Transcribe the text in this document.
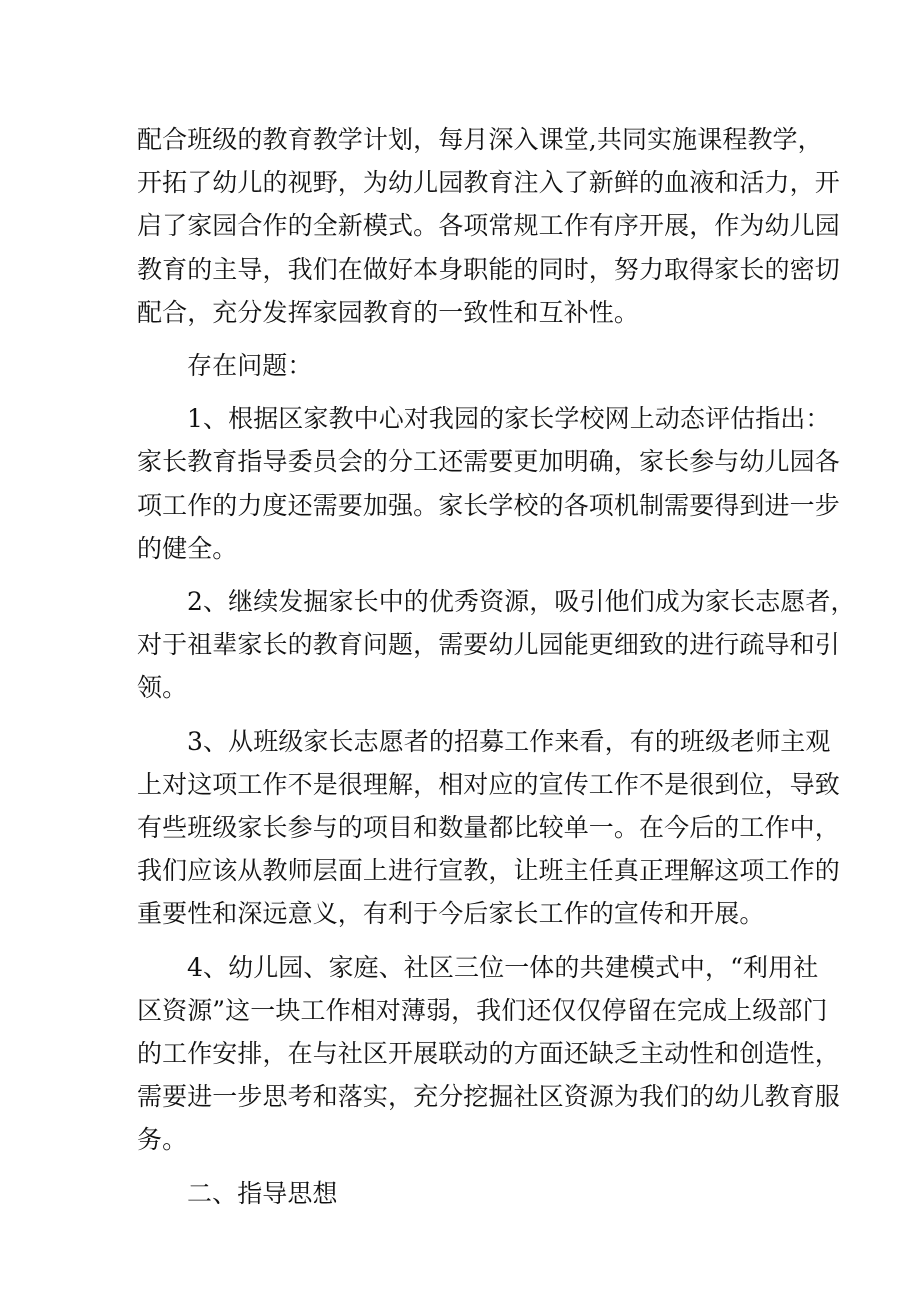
配合班级的教育教学计划，每月深入课堂,共同实施课程教学，
开拓了幼儿的视野，为幼儿园教育注入了新鲜的血液和活力，开
启了家园合作的全新模式。各项常规工作有序开展，作为幼儿园
教育的主导，我们在做好本身职能的同时，努力取得家长的密切
配合，充分发挥家园教育的一致性和互补性。

存在问题：

1、根据区家教中心对我园的家长学校网上动态评估指出：
家长教育指导委员会的分工还需要更加明确，家长参与幼儿园各
项工作的力度还需要加强。家长学校的各项机制需要得到进一步
的健全。

2、继续发掘家长中的优秀资源，吸引他们成为家长志愿者，
对于祖辈家长的教育问题，需要幼儿园能更细致的进行疏导和引
领。

3、从班级家长志愿者的招募工作来看，有的班级老师主观
上对这项工作不是很理解，相对应的宣传工作不是很到位，导致
有些班级家长参与的项目和数量都比较单一。在今后的工作中，
我们应该从教师层面上进行宣教，让班主任真正理解这项工作的
重要性和深远意义，有利于今后家长工作的宣传和开展。

4、幼儿园、家庭、社区三位一体的共建模式中，“利用社
区资源”这一块工作相对薄弱，我们还仅仅停留在完成上级部门
的工作安排，在与社区开展联动的方面还缺乏主动性和创造性，
需要进一步思考和落实，充分挖掘社区资源为我们的幼儿教育服
务。

二、指导思想
